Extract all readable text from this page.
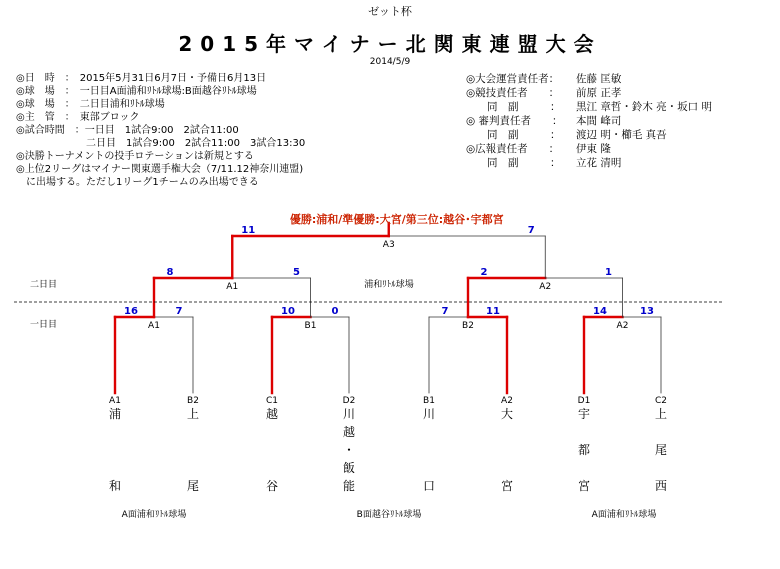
ゼット杯
2015年マイナー北関東連盟大会
2014/5/9
◎日　時　：　2015年5月31日6月7日・予備日6月13日
◎球　場　：　一日目A面浦和ﾘﾄﾙ球場:B面越谷ﾘﾄﾙ球場
◎球　場　：　二日目浦和ﾘﾄﾙ球場
◎主　管　：　東部ブロック
◎試合時間　：一日目　1試合9:00　2試合11:00
　　　　　　　二日目　1試合9:00　2試合11:00　3試合13:30
◎決勝トーナメントの投手ロテーションは新規とする
◎上位2リーグはマイナー関東選手権大会（7/11.12神奈川連盟)
　に出場する。ただし1リーグ1チームのみ出場できる
◎大会運営責任者： 佐藤 匡敏
◎競技責任者　　： 前原 正孝
　　同　副　　　： 黒江 章哲・鈴木 亮・坂口 明
◎ 審判責任者　　： 本間 峰司
　　同　副　　　： 渡辺 明・櫛毛 真吾
◎広報責任者　　： 伊東 隆
　　同　副　　　： 立花 清明
A1
16	7
B1
10	0
B2
7	11
A2
14	13
A1
8	5
A2
2	1
A3
11	7
優勝:浦和/準優勝:大宮/第三位:越谷･宇都宮
二日目
一日目
浦和ﾘﾄﾙ球場
A1
浦
和
B2
上
尾
C1
越
谷
D2
川
越
・
飯
能
B1
川
口
A2
大
宮
D1
宇
都
宮
C2
上
尾
西
A面浦和ﾘﾄﾙ球場	B面越谷ﾘﾄﾙ球場	A面浦和ﾘﾄﾙ球場
